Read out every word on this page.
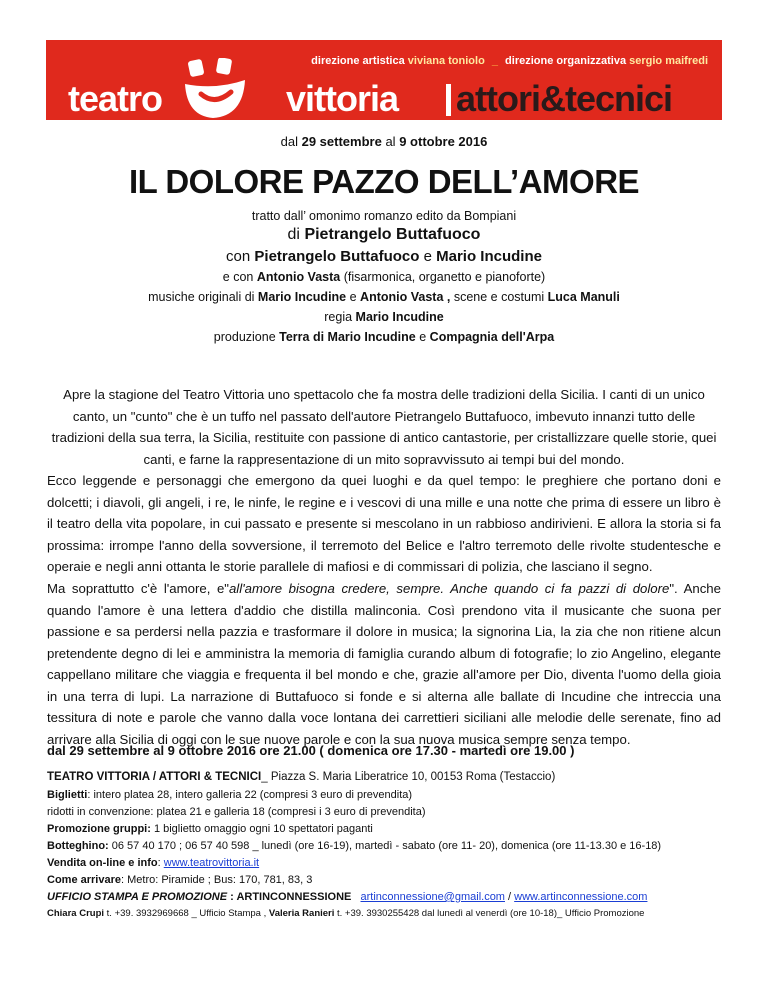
direzione artistica viviana toniolo _ direzione organizzativa sergio maifredi
teatro	vittoria attori&tecnici
dal 29 settembre al 9 ottobre 2016
IL DOLORE PAZZO DELL’AMORE
tratto dall’ omonimo romanzo edito da Bompiani
di Pietrangelo Buttafuoco
con Pietrangelo Buttafuoco e Mario Incudine
e con Antonio Vasta (fisarmonica, organetto e pianoforte)
musiche originali di Mario Incudine e Antonio Vasta , scene e costumi Luca Manuli
regia Mario Incudine
produzione Terra di Mario Incudine e Compagnia dell'Arpa
Apre la stagione del Teatro Vittoria uno spettacolo che fa mostra delle tradizioni della Sicilia. I canti di un unico canto, un "cunto" che è un tuffo nel passato dell'autore Pietrangelo Buttafuoco, imbevuto innanzi tutto delle tradizioni della sua terra, la Sicilia, restituite con passione di antico cantastorie, per cristallizzare quelle storie, quei canti, e farne la rappresentazione di un mito sopravvissuto ai tempi bui del mondo.
Ecco leggende e personaggi che emergono da quei luoghi e da quel tempo: le preghiere che portano doni e dolcetti; i diavoli, gli angeli, i re, le ninfe, le regine e i vescovi di una mille e una notte che prima di essere un libro è il teatro della vita popolare, in cui passato e presente si mescolano in un rabbioso andirivieni. E allora la storia si fa prossima: irrompe l'anno della sovversione, il terremoto del Belice e l'altro terremoto delle rivolte studentesche e operaie e negli anni ottanta le storie parallele di mafiosi e di commissari di polizia, che lasciano il segno.
Ma soprattutto c'è l'amore, e"all'amore bisogna credere, sempre. Anche quando ci fa pazzi di dolore". Anche quando l'amore è una lettera d'addio che distilla malinconia. Così prendono vita il musicante che suona per passione e sa perdersi nella pazzia e trasformare il dolore in musica; la signorina Lia, la zia che non ritiene alcun pretendente degno di lei e amministra la memoria di famiglia curando album di fotografie; lo zio Angelino, elegante cappellano militare che viaggia e frequenta il bel mondo e che, grazie all'amore per Dio, diventa l'uomo della gioia in una terra di lupi. La narrazione di Buttafuoco si fonde e si alterna alle ballate di Incudine che intreccia una tessitura di note e parole che vanno dalla voce lontana dei carrettieri siciliani alle melodie delle serenate, fino ad arrivare alla Sicilia di oggi con le sue nuove parole e con la sua nuova musica sempre senza tempo.
dal 29 settembre al 9 ottobre 2016 ore 21.00 ( domenica ore 17.30 - martedì ore 19.00 )
TEATRO VITTORIA / ATTORI & TECNICI_ Piazza S. Maria Liberatrice 10, 00153 Roma (Testaccio)
Biglietti: intero platea 28, intero galleria 22 (compresi 3 euro di prevendita)
ridotti in convenzione: platea 21 e galleria 18 (compresi i 3 euro di prevendita)
Promozione gruppi: 1 biglietto omaggio ogni 10 spettatori paganti
Botteghino: 06 57 40 170 ; 06 57 40 598 _ lunedì (ore 16-19), martedì - sabato (ore 11- 20), domenica (ore 11-13.30 e 16-18)
Vendita on-line e info: www.teatrovittoria.it
Come arrivare: Metro: Piramide ; Bus: 170, 781, 83, 3
UFFICIO STAMPA E PROMOZIONE : ARTINCONNESSIONE artinconnessione@gmail.com / www.artinconnessione.com
Chiara Crupi t. +39. 3932969668 _ Ufficio Stampa , Valeria Ranieri t. +39. 3930255428 dal lunedì al venerdì (ore 10-18)_ Ufficio Promozione
